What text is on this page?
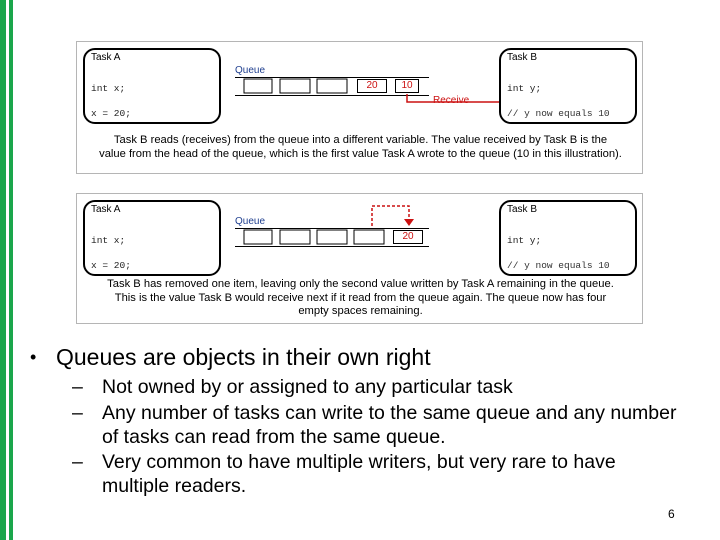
Task A
int x;
x = 20;
Queue
20	10
Receive
Task B
int y;
// y now equals 10
Task B reads (receives) from the queue into a different variable. The value received by Task B is the
value from the head of the queue, which is the first value Task A wrote to the queue (10 in this illustration).
Task A
int x;
x = 20;
Queue
20
Task B
int y;
// y now equals 10
Task B has removed one item, leaving only the second value written by Task A remaining in the queue.
This is the value Task B would receive next if it read from the queue again. The queue now has four
empty spaces remaining.
• Queues are objects in their own right
– Not owned by or assigned to any particular task
– Any number of tasks can write to the same queue and any number of tasks can read from the same queue.
– Very common to have multiple writers, but very rare to have multiple readers.
6
